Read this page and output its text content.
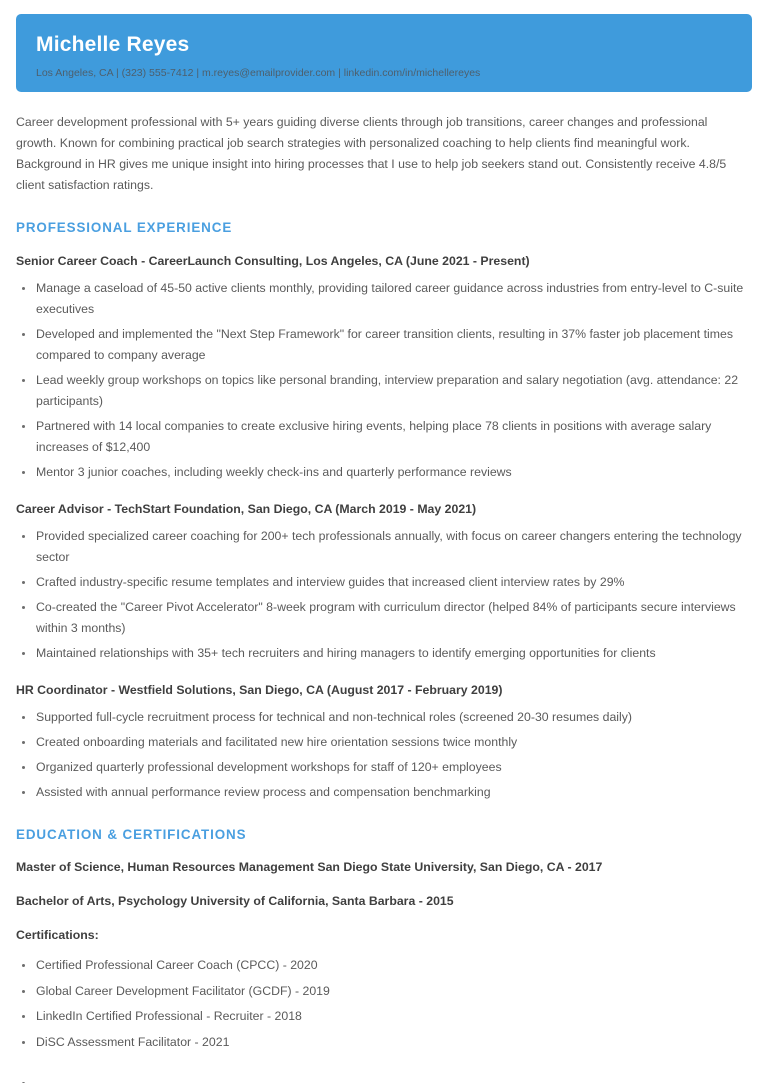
Michelle Reyes

Los Angeles, CA | (323) 555-7412 | m.reyes@emailprovider.com | linkedin.com/in/michellereyes

Career development professional with 5+ years guiding diverse clients through job transitions, career changes and professional growth. Known for combining practical job search strategies with personalized coaching to help clients find meaningful work. Background in HR gives me unique insight into hiring processes that I use to help job seekers stand out. Consistently receive 4.8/5 client satisfaction ratings.

PROFESSIONAL EXPERIENCE
Senior Career Coach - CareerLaunch Consulting, Los Angeles, CA (June 2021 - Present)
Manage a caseload of 45-50 active clients monthly, providing tailored career guidance across industries from entry-level to C-suite executives
Developed and implemented the "Next Step Framework" for career transition clients, resulting in 37% faster job placement times compared to company average
Lead weekly group workshops on topics like personal branding, interview preparation and salary negotiation (avg. attendance: 22 participants)
Partnered with 14 local companies to create exclusive hiring events, helping place 78 clients in positions with average salary increases of $12,400
Mentor 3 junior coaches, including weekly check-ins and quarterly performance reviews
Career Advisor - TechStart Foundation, San Diego, CA (March 2019 - May 2021)
Provided specialized career coaching for 200+ tech professionals annually, with focus on career changers entering the technology sector
Crafted industry-specific resume templates and interview guides that increased client interview rates by 29%
Co-created the "Career Pivot Accelerator" 8-week program with curriculum director (helped 84% of participants secure interviews within 3 months)
Maintained relationships with 35+ tech recruiters and hiring managers to identify emerging opportunities for clients
HR Coordinator - Westfield Solutions, San Diego, CA (August 2017 - February 2019)
Supported full-cycle recruitment process for technical and non-technical roles (screened 20-30 resumes daily)
Created onboarding materials and facilitated new hire orientation sessions twice monthly
Organized quarterly professional development workshops for staff of 120+ employees
Assisted with annual performance review process and compensation benchmarking
EDUCATION & CERTIFICATIONS
Master of Science, Human Resources Management San Diego State University, San Diego, CA - 2017
Bachelor of Arts, Psychology University of California, Santa Barbara - 2015
Certifications:
Certified Professional Career Coach (CPCC) - 2020
Global Career Development Facilitator (GCDF) - 2019
LinkedIn Certified Professional - Recruiter - 2018
DiSC Assessment Facilitator - 2021
